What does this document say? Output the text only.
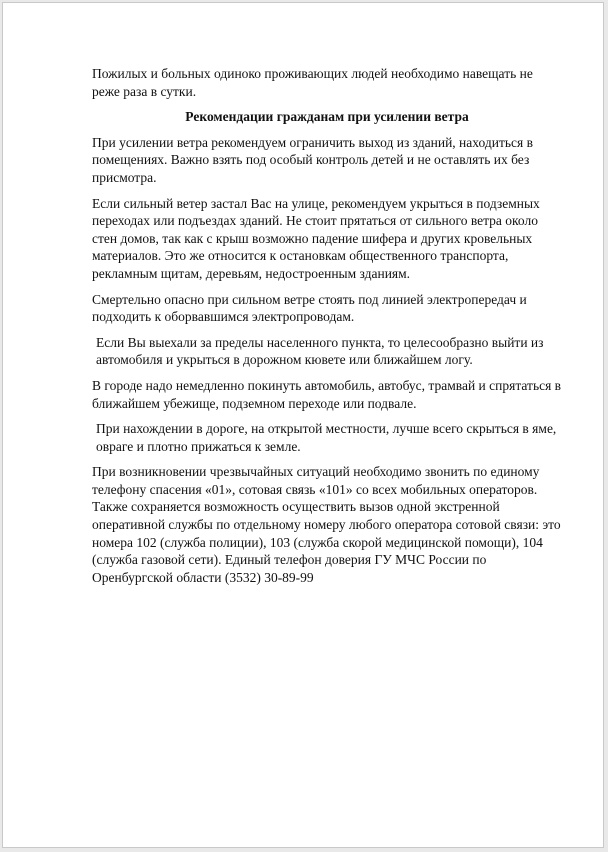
Пожилых и больных одиноко проживающих людей необходимо навещать не реже раза в сутки.

Рекомендации гражданам при усилении ветра

При усилении ветра рекомендуем ограничить выход из зданий, находиться в помещениях. Важно взять под особый контроль детей и не оставлять их без присмотра.

Если сильный ветер застал Вас на улице, рекомендуем укрыться в подземных переходах или подъездах зданий. Не стоит прятаться от сильного ветра около стен домов, так как с крыш возможно падение шифера и других кровельных материалов. Это же относится к остановкам общественного транспорта, рекламным щитам, деревьям, недостроенным зданиям.

Смертельно опасно при сильном ветре стоять под линией электропередач и подходить к оборвавшимся электропроводам.

Если Вы выехали за пределы населенного пункта, то целесообразно выйти из автомобиля и укрыться в дорожном кювете или ближайшем логу.

В городе надо немедленно покинуть автомобиль, автобус, трамвай и спрятаться в ближайшем убежище, подземном переходе или подвале.

При нахождении в дороге, на открытой местности, лучше всего скрыться в яме, овраге и плотно прижаться к земле.

При возникновении чрезвычайных ситуаций необходимо звонить по единому телефону спасения «01», сотовая связь «101» со всех мобильных операторов. Также сохраняется возможность осуществить вызов одной экстренной оперативной службы по отдельному номеру любого оператора сотовой связи: это номера 102 (служба полиции), 103 (служба скорой медицинской помощи), 104 (служба газовой сети). Единый телефон доверия ГУ МЧС России по Оренбургской области (3532) 30-89-99
